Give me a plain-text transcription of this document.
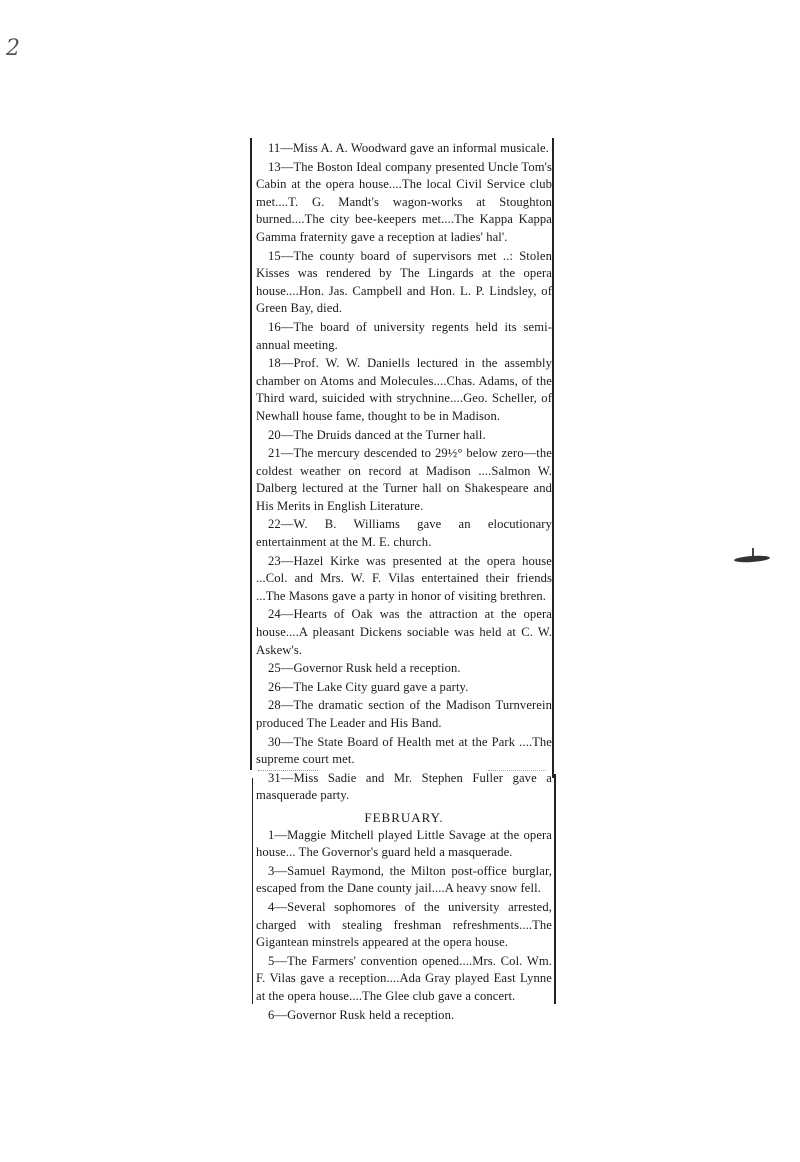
2

11—Miss A. A. Woodward gave an informal musicale.

13—The Boston Ideal company presented Uncle Tom's Cabin at the opera house....The local Civil Service club met....T. G. Mandt's wagon-works at Stoughton burned....The city bee-keepers met....The Kappa Kappa Gamma fraternity gave a reception at ladies' hal'.

15—The county board of supervisors met ..: Stolen Kisses was rendered by The Lingards at the opera house....Hon. Jas. Campbell and Hon. L. P. Lindsley, of Green Bay, died.

16—The board of university regents held its semi-annual meeting.

18—Prof. W. W. Daniells lectured in the assembly chamber on Atoms and Molecules....Chas. Adams, of the Third ward, suicided with strychnine....Geo. Scheller, of Newhall house fame, thought to be in Madison.

20—The Druids danced at the Turner hall.

21—The mercury descended to 29½° below zero—the coldest weather on record at Madison ....Salmon W. Dalberg lectured at the Turner hall on Shakespeare and His Merits in English Literature.

22—W. B. Williams gave an elocutionary entertainment at the M. E. church.

23—Hazel Kirke was presented at the opera house ...Col. and Mrs. W. F. Vilas entertained their friends ...The Masons gave a party in honor of visiting brethren.

24—Hearts of Oak was the attraction at the opera house....A pleasant Dickens sociable was held at C. W. Askew's.

25—Governor Rusk held a reception.

26—The Lake City guard gave a party.

28—The dramatic section of the Madison Turnverein produced The Leader and His Band.

30—The State Board of Health met at the Park ....The supreme court met.

31—Miss Sadie and Mr. Stephen Fuller gave a masquerade party.

FEBRUARY.

1—Maggie Mitchell played Little Savage at the opera house... The Governor's guard held a masquerade.

3—Samuel Raymond, the Milton post-office burglar, escaped from the Dane county jail....A heavy snow fell.

4—Several sophomores of the university arrested, charged with stealing freshman refreshments....The Gigantean minstrels appeared at the opera house.

5—The Farmers' convention opened....Mrs. Col. Wm. F. Vilas gave a reception....Ada Gray played East Lynne at the opera house....The Glee club gave a concert.

6—Governor Rusk held a reception.
